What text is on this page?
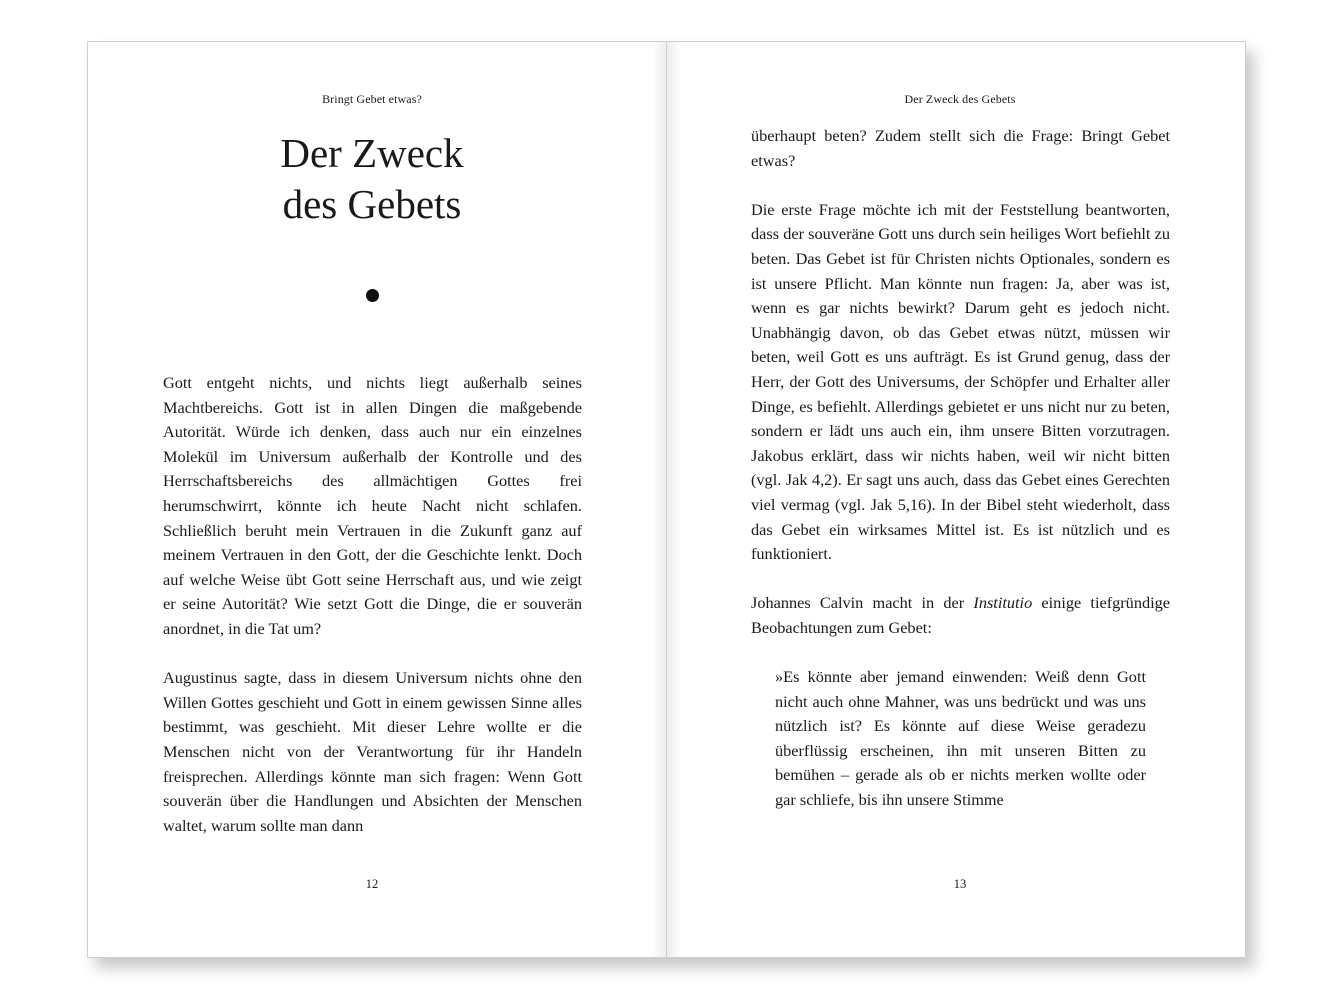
Bringt Gebet etwas?
Der Zweck
des Gebets

Gott entgeht nichts, und nichts liegt außerhalb seines Machtbereichs. Gott ist in allen Dingen die maßgebende Autorität. Würde ich denken, dass auch nur ein einzelnes Molekül im Universum außerhalb der Kontrolle und des Herrschaftsbereichs des allmächtigen Gottes frei herumschwirrt, könnte ich heute Nacht nicht schlafen. Schließlich beruht mein Vertrauen in die Zukunft ganz auf meinem Vertrauen in den Gott, der die Geschichte lenkt. Doch auf welche Weise übt Gott seine Herrschaft aus, und wie zeigt er seine Autorität? Wie setzt Gott die Dinge, die er souverän anordnet, in die Tat um?

Augustinus sagte, dass in diesem Universum nichts ohne den Willen Gottes geschieht und Gott in einem gewissen Sinne alles bestimmt, was geschieht. Mit dieser Lehre wollte er die Menschen nicht von der Verantwortung für ihr Handeln freisprechen. Allerdings könnte man sich fragen: Wenn Gott souverän über die Handlungen und Absichten der Menschen waltet, warum sollte man dann

12
Der Zweck des Gebets

überhaupt beten? Zudem stellt sich die Frage: Bringt Gebet etwas?

Die erste Frage möchte ich mit der Feststellung beantworten, dass der souveräne Gott uns durch sein heiliges Wort befiehlt zu beten. Das Gebet ist für Christen nichts Optionales, sondern es ist unsere Pflicht. Man könnte nun fragen: Ja, aber was ist, wenn es gar nichts bewirkt? Darum geht es jedoch nicht. Unabhängig davon, ob das Gebet etwas nützt, müssen wir beten, weil Gott es uns aufträgt. Es ist Grund genug, dass der Herr, der Gott des Universums, der Schöpfer und Erhalter aller Dinge, es befiehlt. Allerdings gebietet er uns nicht nur zu beten, sondern er lädt uns auch ein, ihm unsere Bitten vorzutragen. Jakobus erklärt, dass wir nichts haben, weil wir nicht bitten (vgl. Jak 4,2). Er sagt uns auch, dass das Gebet eines Gerechten viel vermag (vgl. Jak 5,16). In der Bibel steht wiederholt, dass das Gebet ein wirksames Mittel ist. Es ist nützlich und es funktioniert.

Johannes Calvin macht in der Institutio einige tiefgründige Beobachtungen zum Gebet:

»Es könnte aber jemand einwenden: Weiß denn Gott nicht auch ohne Mahner, was uns bedrückt und was uns nützlich ist? Es könnte auf diese Weise geradezu überflüssig erscheinen, ihn mit unseren Bitten zu bemühen – gerade als ob er nichts merken wollte oder gar schliefe, bis ihn unsere Stimme

13
